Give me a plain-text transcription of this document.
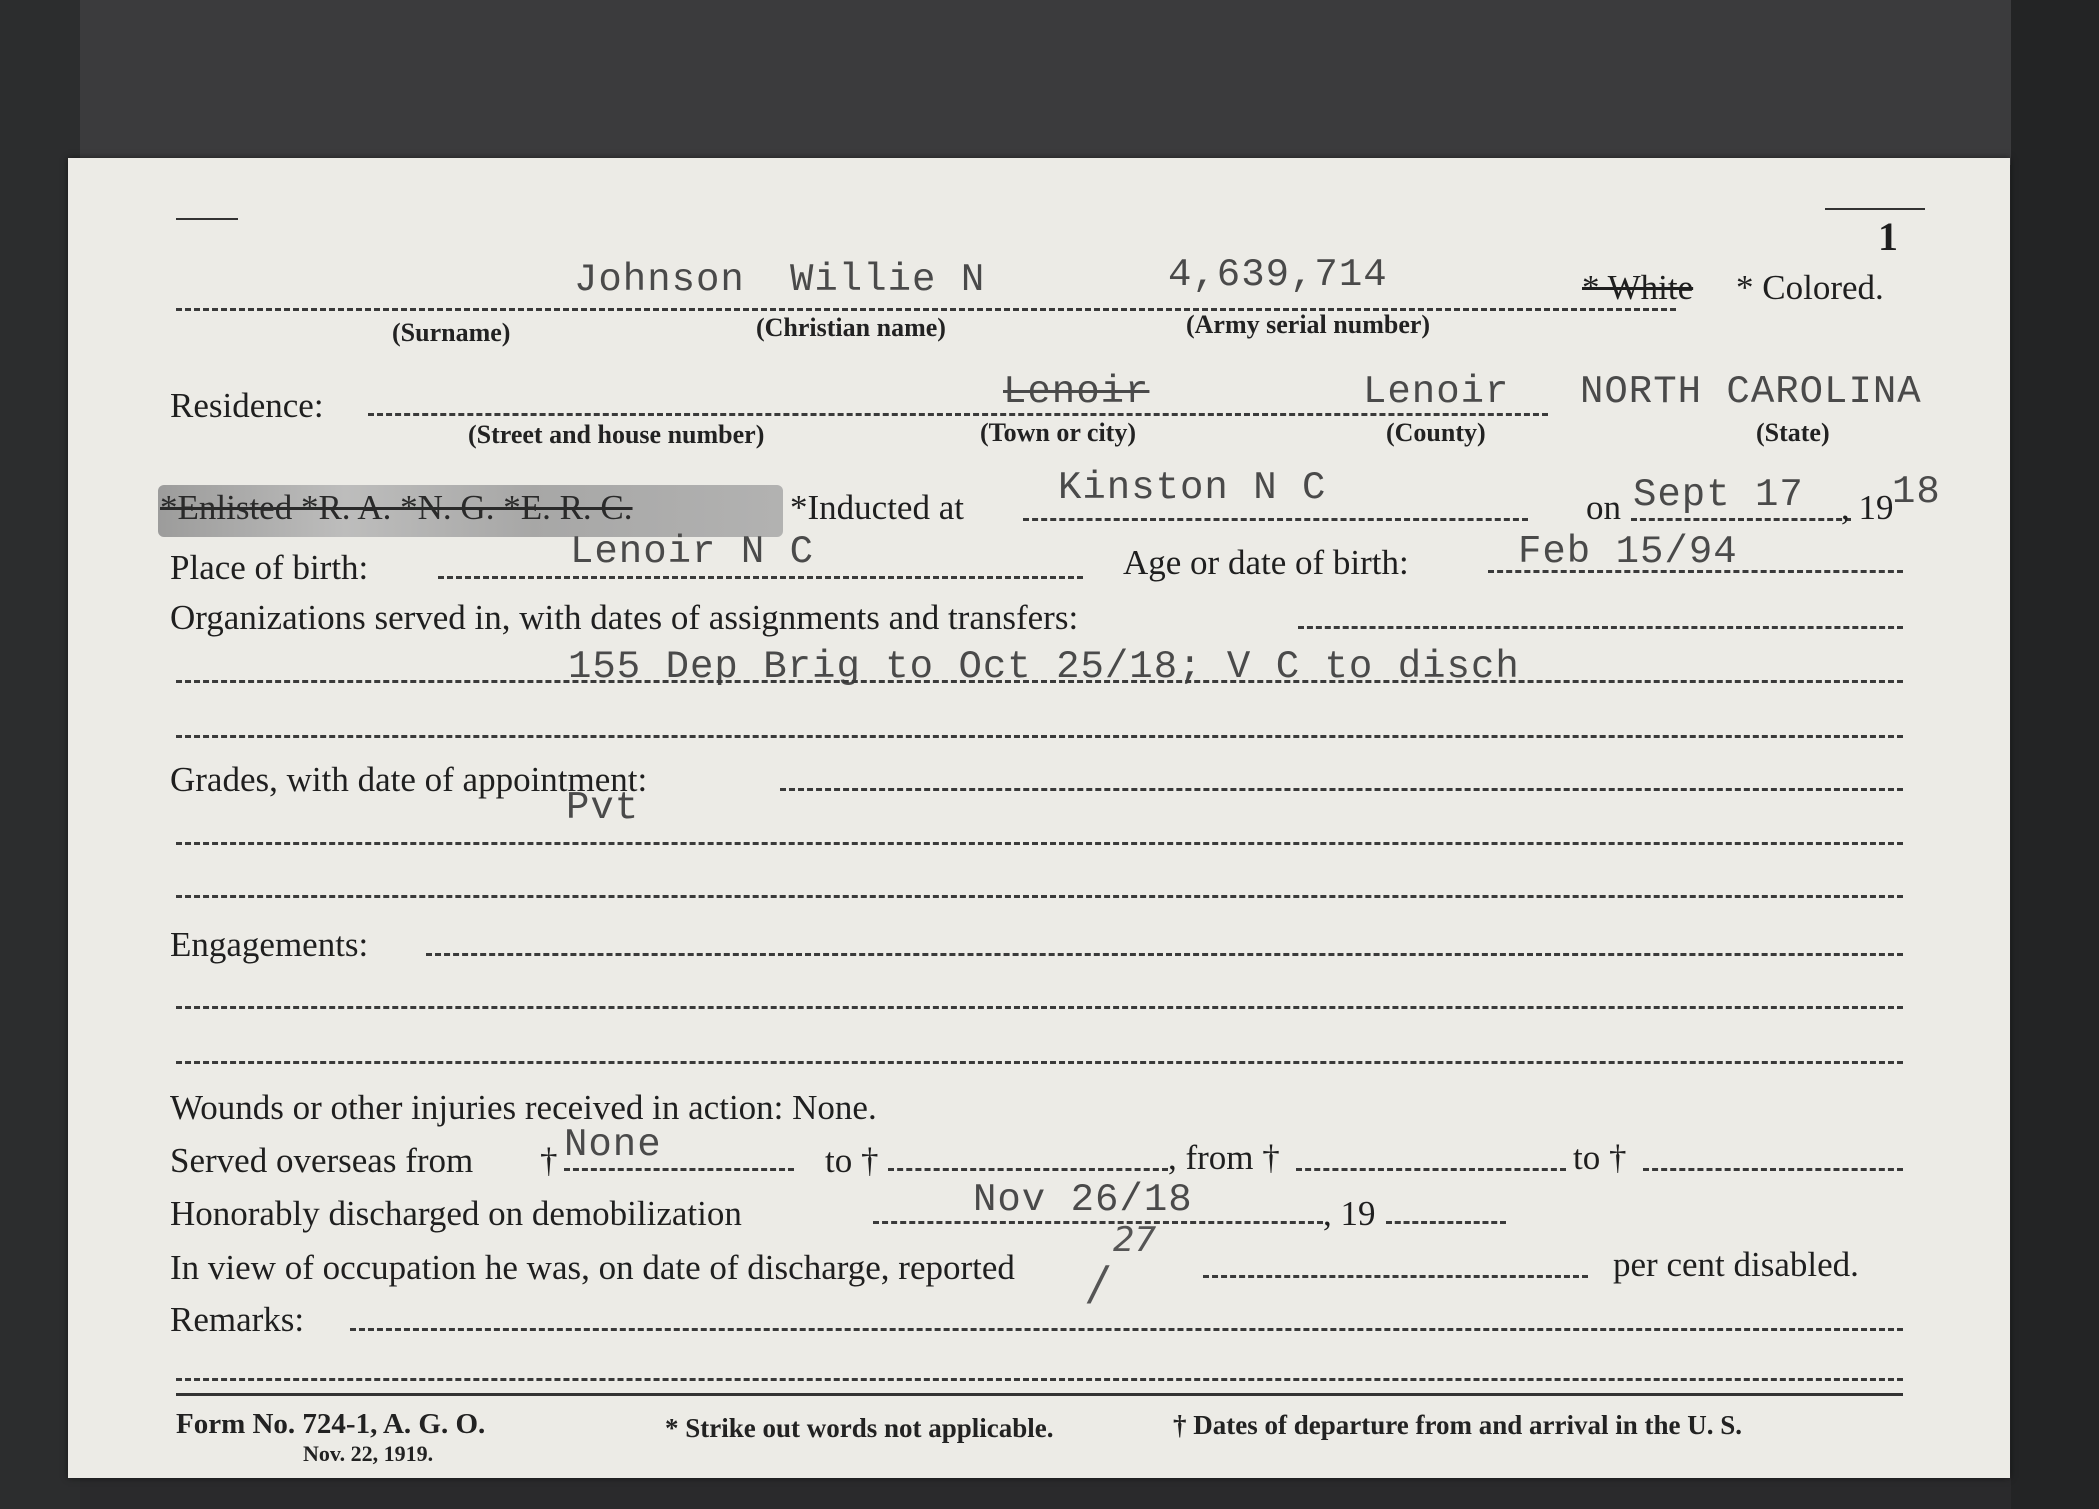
1
Johnson Willie N	4,639,714	* White * Colored.
(Surname)	(Christian name)	(Army serial number)
Residence:	Lenoir	Lenoir NORTH CAROLINA
(Street and house number)	(Town or city)	(County)	(State)
*Enlisted *R. A. *N. G. *E. R. C.	*Inducted at Kinston N C	on Sept 17 , 19
18
Place of birth:	Lenoir N C	Age or date of birth:	Feb 15/94
Organizations served in, with dates of assignments and transfers:
155 Dep Brig to Oct 25/18; V C to disch
Grades, with date of appointment:
Pvt
Engagements:
Wounds or other injuries received in action: None.
Served overseas from † None	to †	, from †	to †
Honorably discharged on demobilization	Nov 26/18	, 19
In view of occupation he was, on date of discharge, reported
27
/	per cent disabled.
Remarks:
Form No. 724-1, A. G. O.
Nov. 22, 1919.
* Strike out words not applicable.	† Dates of departure from and arrival in the U. S.
